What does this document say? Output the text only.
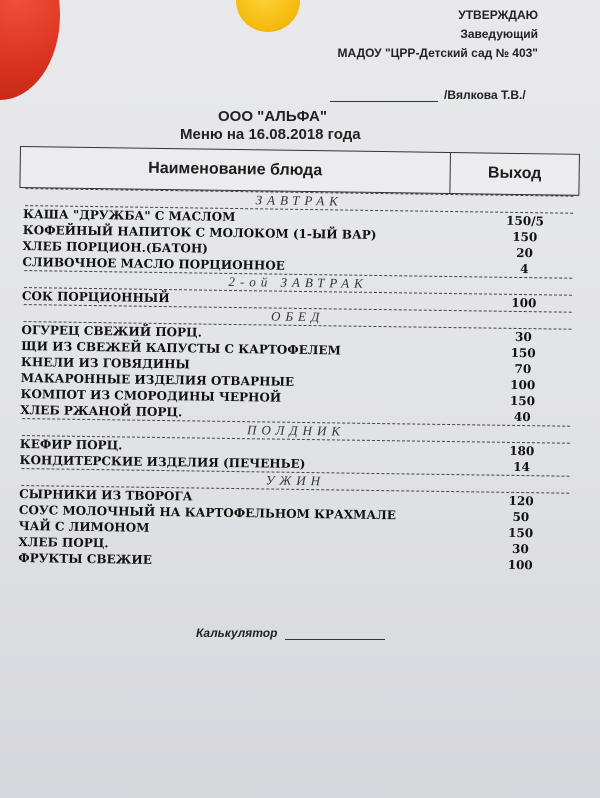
УТВЕРЖДАЮ
Заведующий
МАДОУ "ЦРР-Детский сад № 403"
/Вялкова Т.В./
ООО "АЛЬФА"
Меню на 16.08.2018 года
Наименование блюда	Выход
ЗАВТРАК
КАША "ДРУЖБА" С МАСЛОМ	150/5
КОФЕЙНЫЙ НАПИТОК С МОЛОКОМ (1-ЫЙ ВАР)	150
ХЛЕБ ПОРЦИОН.(БАТОН)	20
СЛИВОЧНОЕ МАСЛО ПОРЦИОННОЕ	4
2-ой ЗАВТРАК
СОК ПОРЦИОННЫЙ	100
ОБЕД
ОГУРЕЦ СВЕЖИЙ ПОРЦ.	30
ЩИ ИЗ СВЕЖЕЙ КАПУСТЫ С КАРТОФЕЛЕМ	150
КНЕЛИ ИЗ ГОВЯДИНЫ	70
МАКАРОННЫЕ ИЗДЕЛИЯ ОТВАРНЫЕ	100
КОМПОТ ИЗ СМОРОДИНЫ ЧЕРНОЙ	150
ХЛЕБ РЖАНОЙ ПОРЦ.	40
ПОЛДНИК
КЕФИР ПОРЦ.	180
КОНДИТЕРСКИЕ ИЗДЕЛИЯ (ПЕЧЕНЬЕ)	14
УЖИН
СЫРНИКИ ИЗ ТВОРОГА	120
СОУС МОЛОЧНЫЙ НА КАРТОФЕЛЬНОМ КРАХМАЛЕ	50
ЧАЙ С ЛИМОНОМ	150
ХЛЕБ ПОРЦ.	30
ФРУКТЫ СВЕЖИЕ	100
Калькулятор
